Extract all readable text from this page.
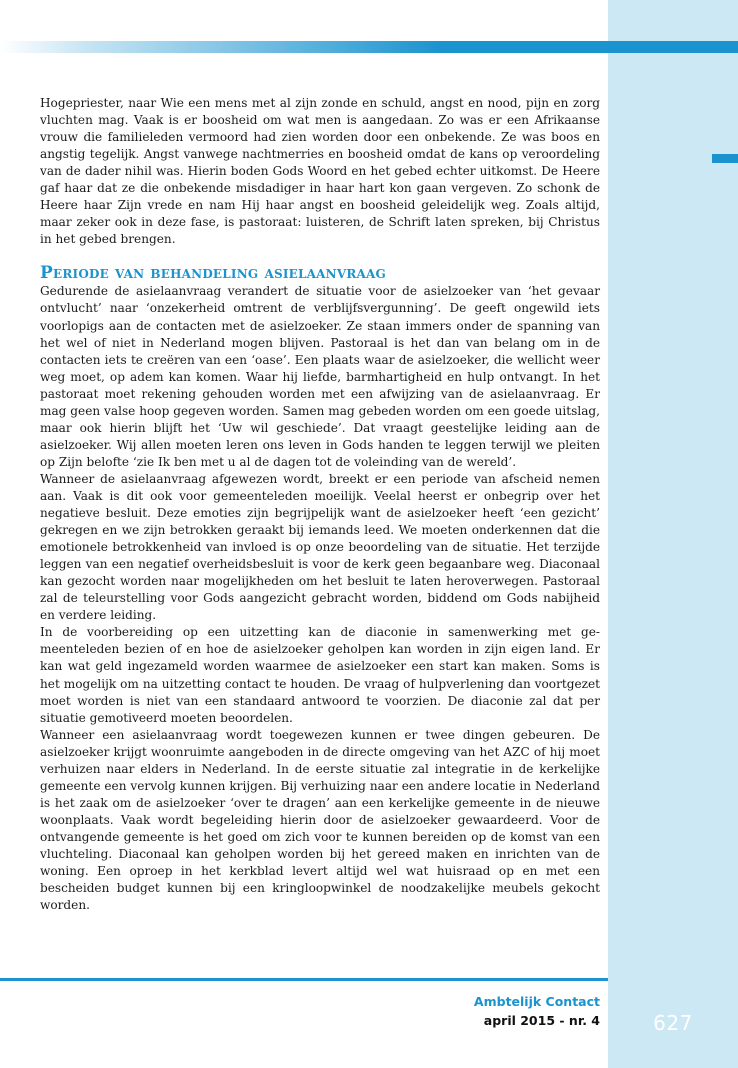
Hogepriester, naar Wie een mens met al zijn zonde en schuld, angst en nood, pijn en zorg vluchten mag. Vaak is er boosheid om wat men is aangedaan. Zo was er een Afrikaanse vrouw die familieleden vermoord had zien worden door een onbekende. Ze was boos en angstig tegelijk. Angst vanwege nachtmerries en boosheid omdat de kans op veroordeling van de dader nihil was. Hierin boden Gods Woord en het gebed echter uitkomst. De Heere gaf haar dat ze die onbekende misdadiger in haar hart kon gaan vergeven. Zo schonk de Heere haar Zijn vrede en nam Hij haar angst en boosheid geleidelijk weg. Zoals altijd, maar zeker ook in deze fase, is pastoraat: luisteren, de Schrift laten spreken, bij Christus in het gebed brengen.

Periode van behandeling asielaanvraag

Gedurende de asielaanvraag verandert de situatie voor de asielzoeker van ‘het gevaar ontvlucht’ naar ‘onzekerheid omtrent de verblijfsvergunning’. De geeft ongewild iets voorlopigs aan de contacten met de asielzoeker. Ze staan immers onder de spanning van het wel of niet in Nederland mogen blijven. Pastoraal is het dan van belang om in de contacten iets te creëren van een ‘oase’. Een plaats waar de asielzoeker, die wellicht weer weg moet, op adem kan komen. Waar hij liefde, barmhartigheid en hulp ontvangt. In het pastoraat moet rekening gehouden worden met een afwijzing van de asielaanvraag. Er mag geen valse hoop gegeven worden. Samen mag gebeden worden om een goede uitslag, maar ook hierin blijft het ‘Uw wil geschiede’. Dat vraagt geestelijke leiding aan de asielzoeker. Wij allen moeten leren ons leven in Gods handen te leggen terwijl we pleiten op Zijn belofte ‘zie Ik ben met u al de dagen tot de voleinding van de wereld’.

Wanneer de asielaanvraag afgewezen wordt, breekt er een periode van afscheid nemen aan. Vaak is dit ook voor gemeenteleden moeilijk. Veelal heerst er onbegrip over het negatieve besluit. Deze emoties zijn begrijpelijk want de asielzoeker heeft ‘een gezicht’ gekregen en we zijn betrokken geraakt bij iemands leed. We moeten onderkennen dat die emotionele betrokkenheid van invloed is op onze beoordeling van de situatie. Het terzijde leggen van een negatief overheidsbesluit is voor de kerk geen begaanbare weg. Diaconaal kan gezocht worden naar mogelijkheden om het besluit te laten heroverwegen. Pastoraal zal de teleurstelling voor Gods aangezicht gebracht worden, biddend om Gods nabijheid en verdere leiding.

In de voorbereiding op een uitzetting kan de diaconie in samenwerking met gemeenteleden bezien of en hoe de asielzoeker geholpen kan worden in zijn eigen land. Er kan wat geld ingezameld worden waarmee de asielzoeker een start kan maken. Soms is het mogelijk om na uitzetting contact te houden. De vraag of hulpverlening dan voortgezet moet worden is niet van een standaard antwoord te voorzien. De diaconie zal dat per situatie gemotiveerd moeten beoordelen.

Wanneer een asielaanvraag wordt toegewezen kunnen er twee dingen gebeuren. De asielzoeker krijgt woonruimte aangeboden in de directe omgeving van het AZC of hij moet verhuizen naar elders in Nederland. In de eerste situatie zal integratie in de kerkelijke gemeente een vervolg kunnen krijgen. Bij verhuizing naar een andere locatie in Nederland is het zaak om de asielzoeker ‘over te dragen’ aan een kerkelijke gemeente in de nieuwe woonplaats. Vaak wordt begeleiding hierin door de asielzoeker gewaardeerd. Voor de ontvangende gemeente is het goed om zich voor te kunnen bereiden op de komst van een vluchteling. Diaconaal kan geholpen worden bij het gereed maken en inrichten van de woning. Een oproep in het kerkblad levert altijd wel wat huisraad op en met een bescheiden budget kunnen bij een kringloopwinkel de noodzakelijke meubels gekocht worden.

Ambtelijk Contact
april 2015 - nr. 4	627
